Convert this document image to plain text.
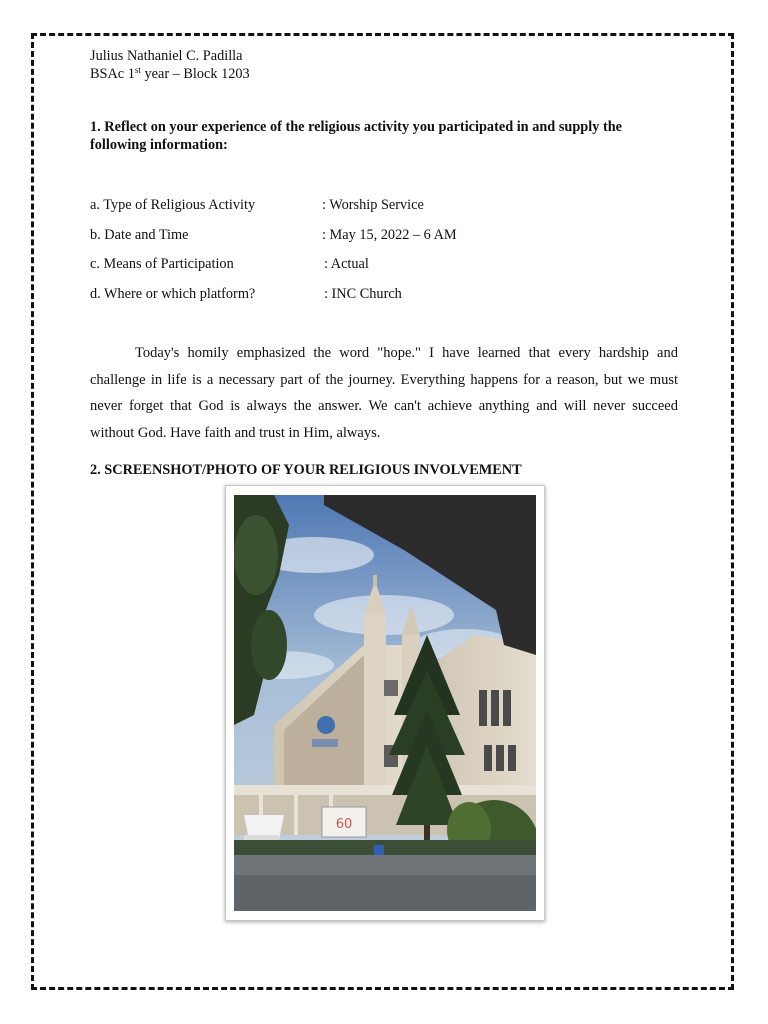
Julius Nathaniel C. Padilla
BSAc 1st year – Block 1203
1. Reflect on your experience of the religious activity you participated in and supply the
following information:
a. Type of Religious Activity	: Worship Service
b. Date and Time	: May 15, 2022 – 6 AM
c. Means of Participation	: Actual
d. Where or which platform?	: INC Church
Today's homily emphasized the word "hope." I have learned that every hardship and challenge in life is a necessary part of the journey. Everything happens for a reason, but we must never forget that God is always the answer. We can't achieve anything and will never succeed without God. Have faith and trust in Him, always.
2. SCREENSHOT/PHOTO OF YOUR RELIGIOUS INVOLVEMENT
60
